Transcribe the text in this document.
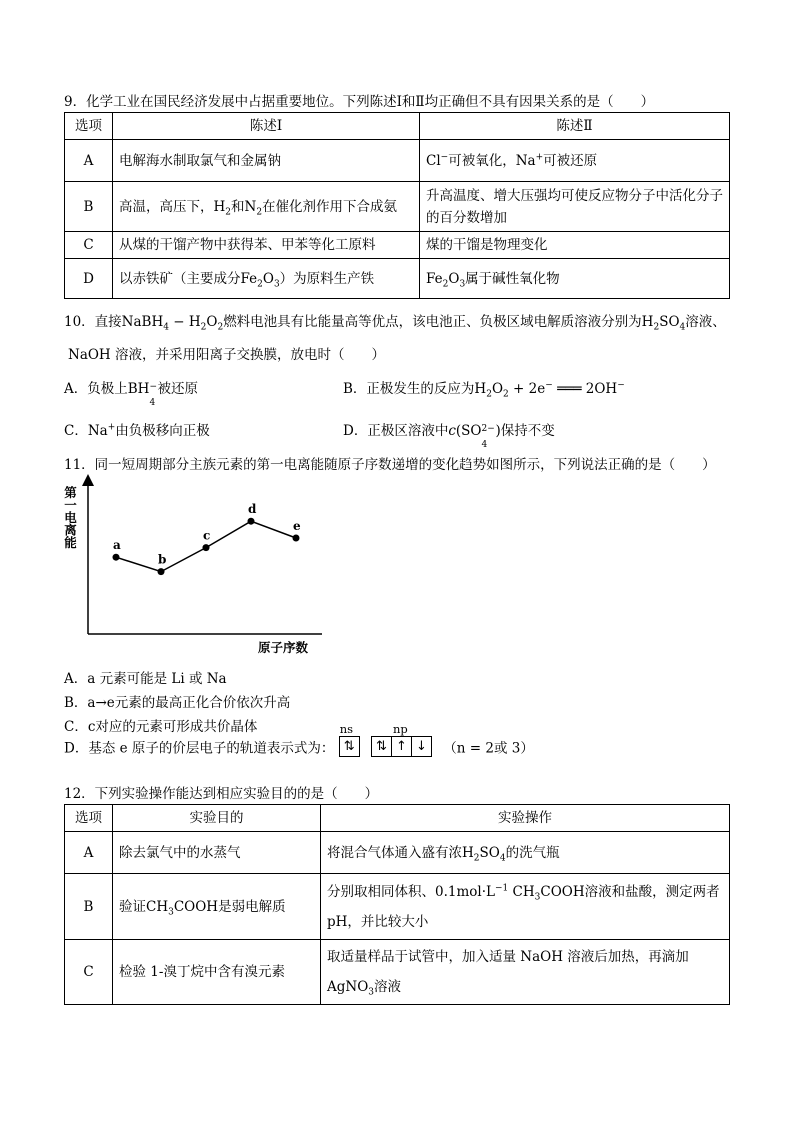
9．化学工业在国民经济发展中占据重要地位。下列陈述Ⅰ和Ⅱ均正确但不具有因果关系的是（　　）
选项	陈述Ⅰ	陈述Ⅱ
A	电解海水制取氯气和金属钠	Cl−可被氧化，Na+可被还原
B	高温，高压下，$H_2$和$N_2$在催化剂作用下合成氨	升高温度、增大压强均可使反应物分子中活化分子的百分数增加
C	从煤的干馏产物中获得苯、甲苯等化工原料	煤的干馏是物理变化
D	以赤铁矿（主要成分$Fe_2O_3$）为原料生产铁	$Fe_2O_3$属于碱性氧化物
10．直接NaBH$_4$ − $H_2O_2$燃料电池具有比能量高等优点，该电池正、负极区域电解质溶液分别为$H_2SO_4$溶液、
NaOH 溶液，并采用阳离子交换膜，放电时（　　）
A．负极上BH −
4
被还原	B．正极发生的反应为$H_2O_2 + 2e^-$ ═══ 2OH−
C．Na+由负极移向正极	D．正极区溶液中c(SO 2−
4
)保持不变
11．同一短周期部分主族元素的第一电离能随原子序数递增的变化趋势如图所示，下列说法正确的是（　　）
第一电离能
原子序数
a
b
c
d
e
A．a 元素可能是 Li 或 Na
B．a→e元素的最高正化合价依次升高
C．c对应的元素可形成共价晶体
D．基态 e 原子的价层电子的轨道表示式为：
ns
⇅
np
⇅ ↑ ↓ （n = 2或 3）
12．下列实验操作能达到相应实验目的的是（　　）
选项	实验目的	实验操作
A	除去氯气中的水蒸气	将混合气体通入盛有浓$H_2SO_4$的洗气瓶
B	验证$CH_3COOH$是弱电解质	分别取相同体积、$0.1mol\cdot L^{-1}$ $CH_3COOH$溶液和盐酸，测定两者pH，并比较大小
C	检验 1-溴丁烷中含有溴元素	取适量样品于试管中，加入适量 NaOH 溶液后加热，再滴加 AgNO$_3$溶液
